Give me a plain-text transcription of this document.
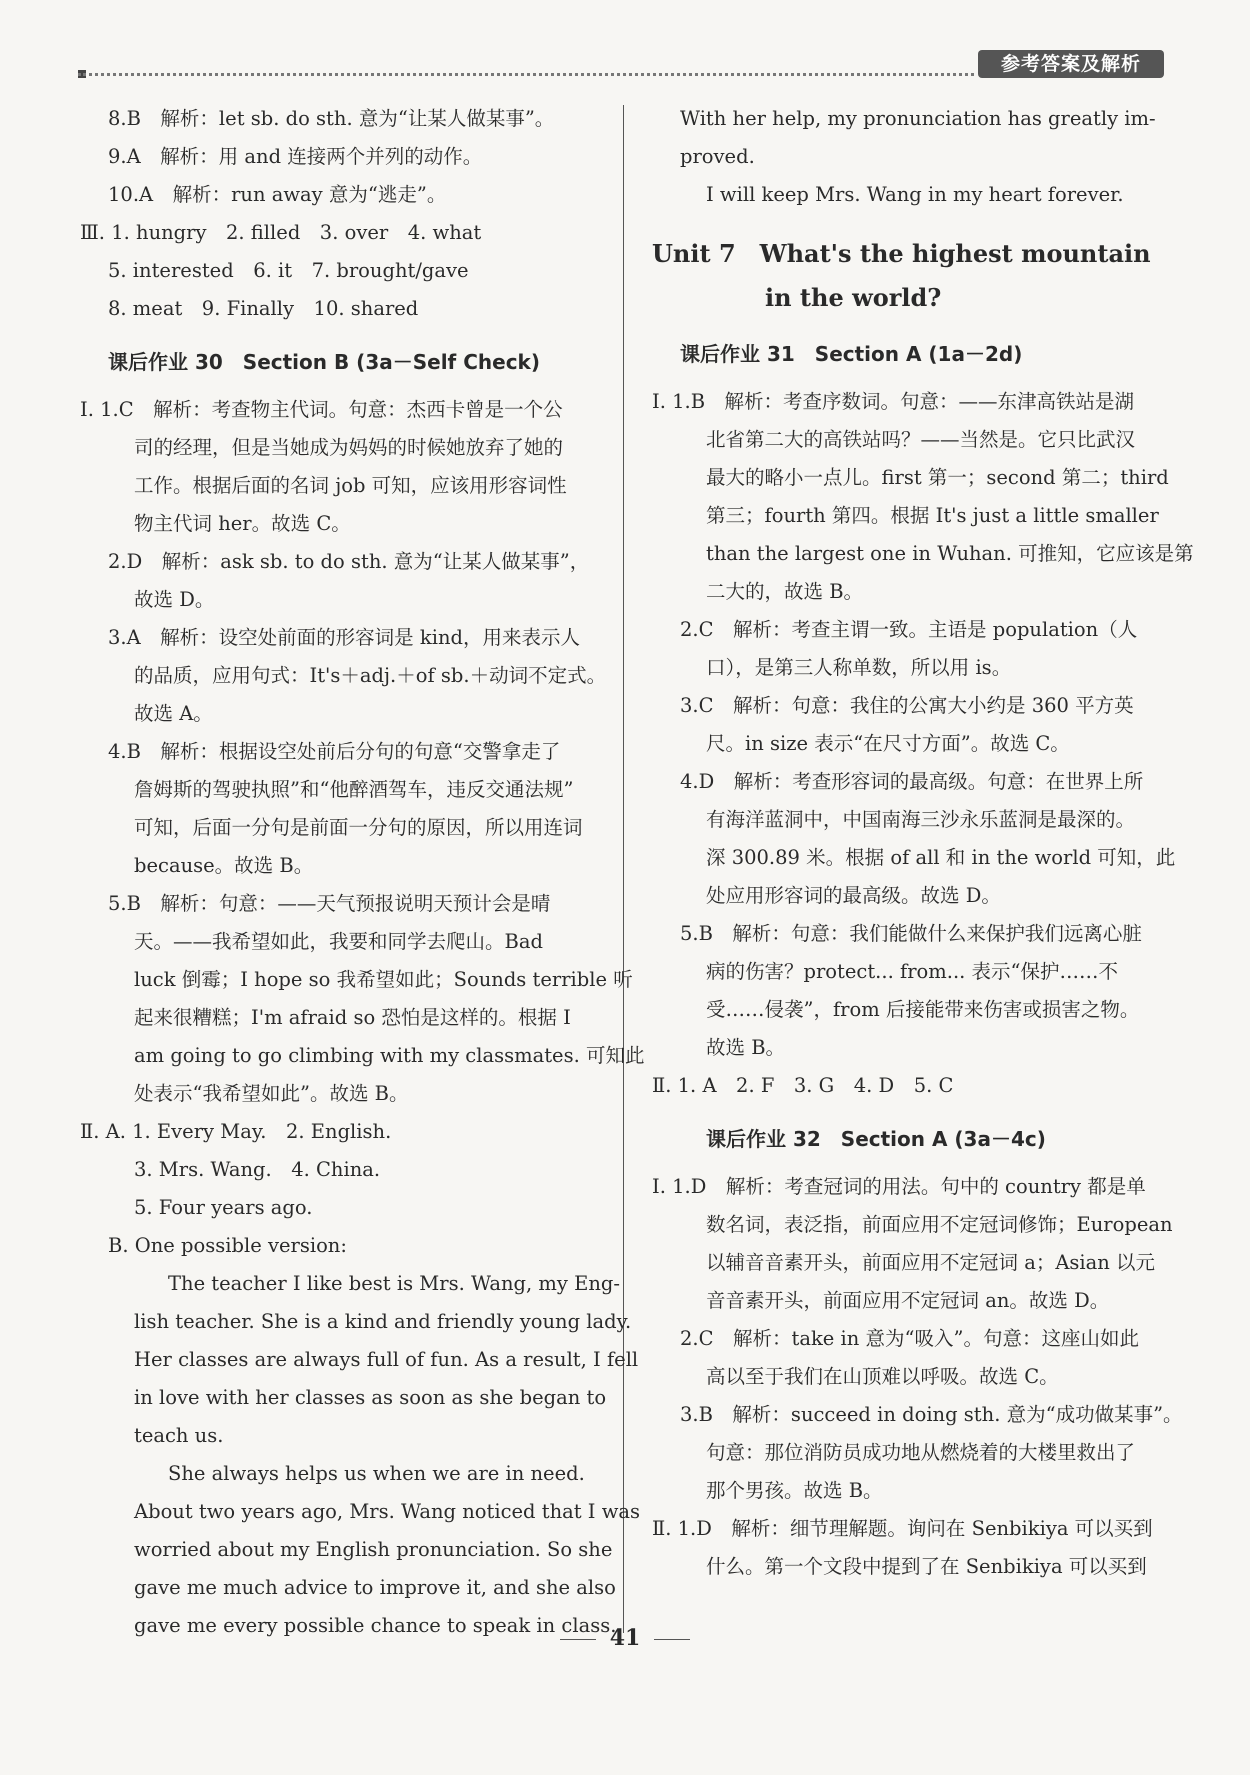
参考答案及解析
8.B　解析：let sb. do sth. 意为“让某人做某事”。
9.A　解析：用 and 连接两个并列的动作。
10.A　解析：run away 意为“逃走”。
Ⅲ. 1. hungry　2. filled　3. over　4. what
5. interested　6. it　7. brought/gave
8. meat　9. Finally　10. shared
课后作业 30　Section B (3a－Self Check)
Ⅰ. 1.C　解析：考查物主代词。句意：杰西卡曾是一个公
司的经理，但是当她成为妈妈的时候她放弃了她的
工作。根据后面的名词 job 可知，应该用形容词性
物主代词 her。故选 C。
2.D　解析：ask sb. to do sth. 意为“让某人做某事”，
故选 D。
3.A　解析：设空处前面的形容词是 kind，用来表示人
的品质，应用句式：It's＋adj.＋of sb.＋动词不定式。
故选 A。
4.B　解析：根据设空处前后分句的句意“交警拿走了
詹姆斯的驾驶执照”和“他醉酒驾车，违反交通法规”
可知，后面一分句是前面一分句的原因，所以用连词
because。故选 B。
5.B　解析：句意：——天气预报说明天预计会是晴
天。——我希望如此，我要和同学去爬山。Bad
luck 倒霉；I hope so 我希望如此；Sounds terrible 听
起来很糟糕；I'm afraid so 恐怕是这样的。根据 I
am going to go climbing with my classmates. 可知此
处表示“我希望如此”。故选 B。
Ⅱ. A. 1. Every May.　2. English.
3. Mrs. Wang.　4. China.
5. Four years ago.
B. One possible version:
The teacher I like best is Mrs. Wang, my Eng-
lish teacher. She is a kind and friendly young lady.
Her classes are always full of fun. As a result, I fell
in love with her classes as soon as she began to
teach us.
She always helps us when we are in need.
About two years ago, Mrs. Wang noticed that I was
worried about my English pronunciation. So she
gave me much advice to improve it, and she also
gave me every possible chance to speak in class.
With her help, my pronunciation has greatly im-
proved.
I will keep Mrs. Wang in my heart forever.
Unit 7　What's the highest mountain
in the world?
课后作业 31　Section A (1a－2d)
Ⅰ. 1.B　解析：考查序数词。句意：——东津高铁站是湖
北省第二大的高铁站吗？——当然是。它只比武汉
最大的略小一点儿。first 第一；second 第二；third
第三；fourth 第四。根据 It's just a little smaller
than the largest one in Wuhan. 可推知，它应该是第
二大的，故选 B。
2.C　解析：考查主谓一致。主语是 population（人
口），是第三人称单数，所以用 is。
3.C　解析：句意：我住的公寓大小约是 360 平方英
尺。in size 表示“在尺寸方面”。故选 C。
4.D　解析：考查形容词的最高级。句意：在世界上所
有海洋蓝洞中，中国南海三沙永乐蓝洞是最深的。
深 300.89 米。根据 of all 和 in the world 可知，此
处应用形容词的最高级。故选 D。
5.B　解析：句意：我们能做什么来保护我们远离心脏
病的伤害？protect... from... 表示“保护……不
受……侵袭”，from 后接能带来伤害或损害之物。
故选 B。
Ⅱ. 1. A　2. F　3. G　4. D　5. C
课后作业 32　Section A (3a－4c)
Ⅰ. 1.D　解析：考查冠词的用法。句中的 country 都是单
数名词，表泛指，前面应用不定冠词修饰；European
以辅音音素开头，前面应用不定冠词 a；Asian 以元
音音素开头，前面应用不定冠词 an。故选 D。
2.C　解析：take in 意为“吸入”。句意：这座山如此
高以至于我们在山顶难以呼吸。故选 C。
3.B　解析：succeed in doing sth. 意为“成功做某事”。
句意：那位消防员成功地从燃烧着的大楼里救出了
那个男孩。故选 B。
Ⅱ. 1.D　解析：细节理解题。询问在 Senbikiya 可以买到
什么。第一个文段中提到了在 Senbikiya 可以买到
41
